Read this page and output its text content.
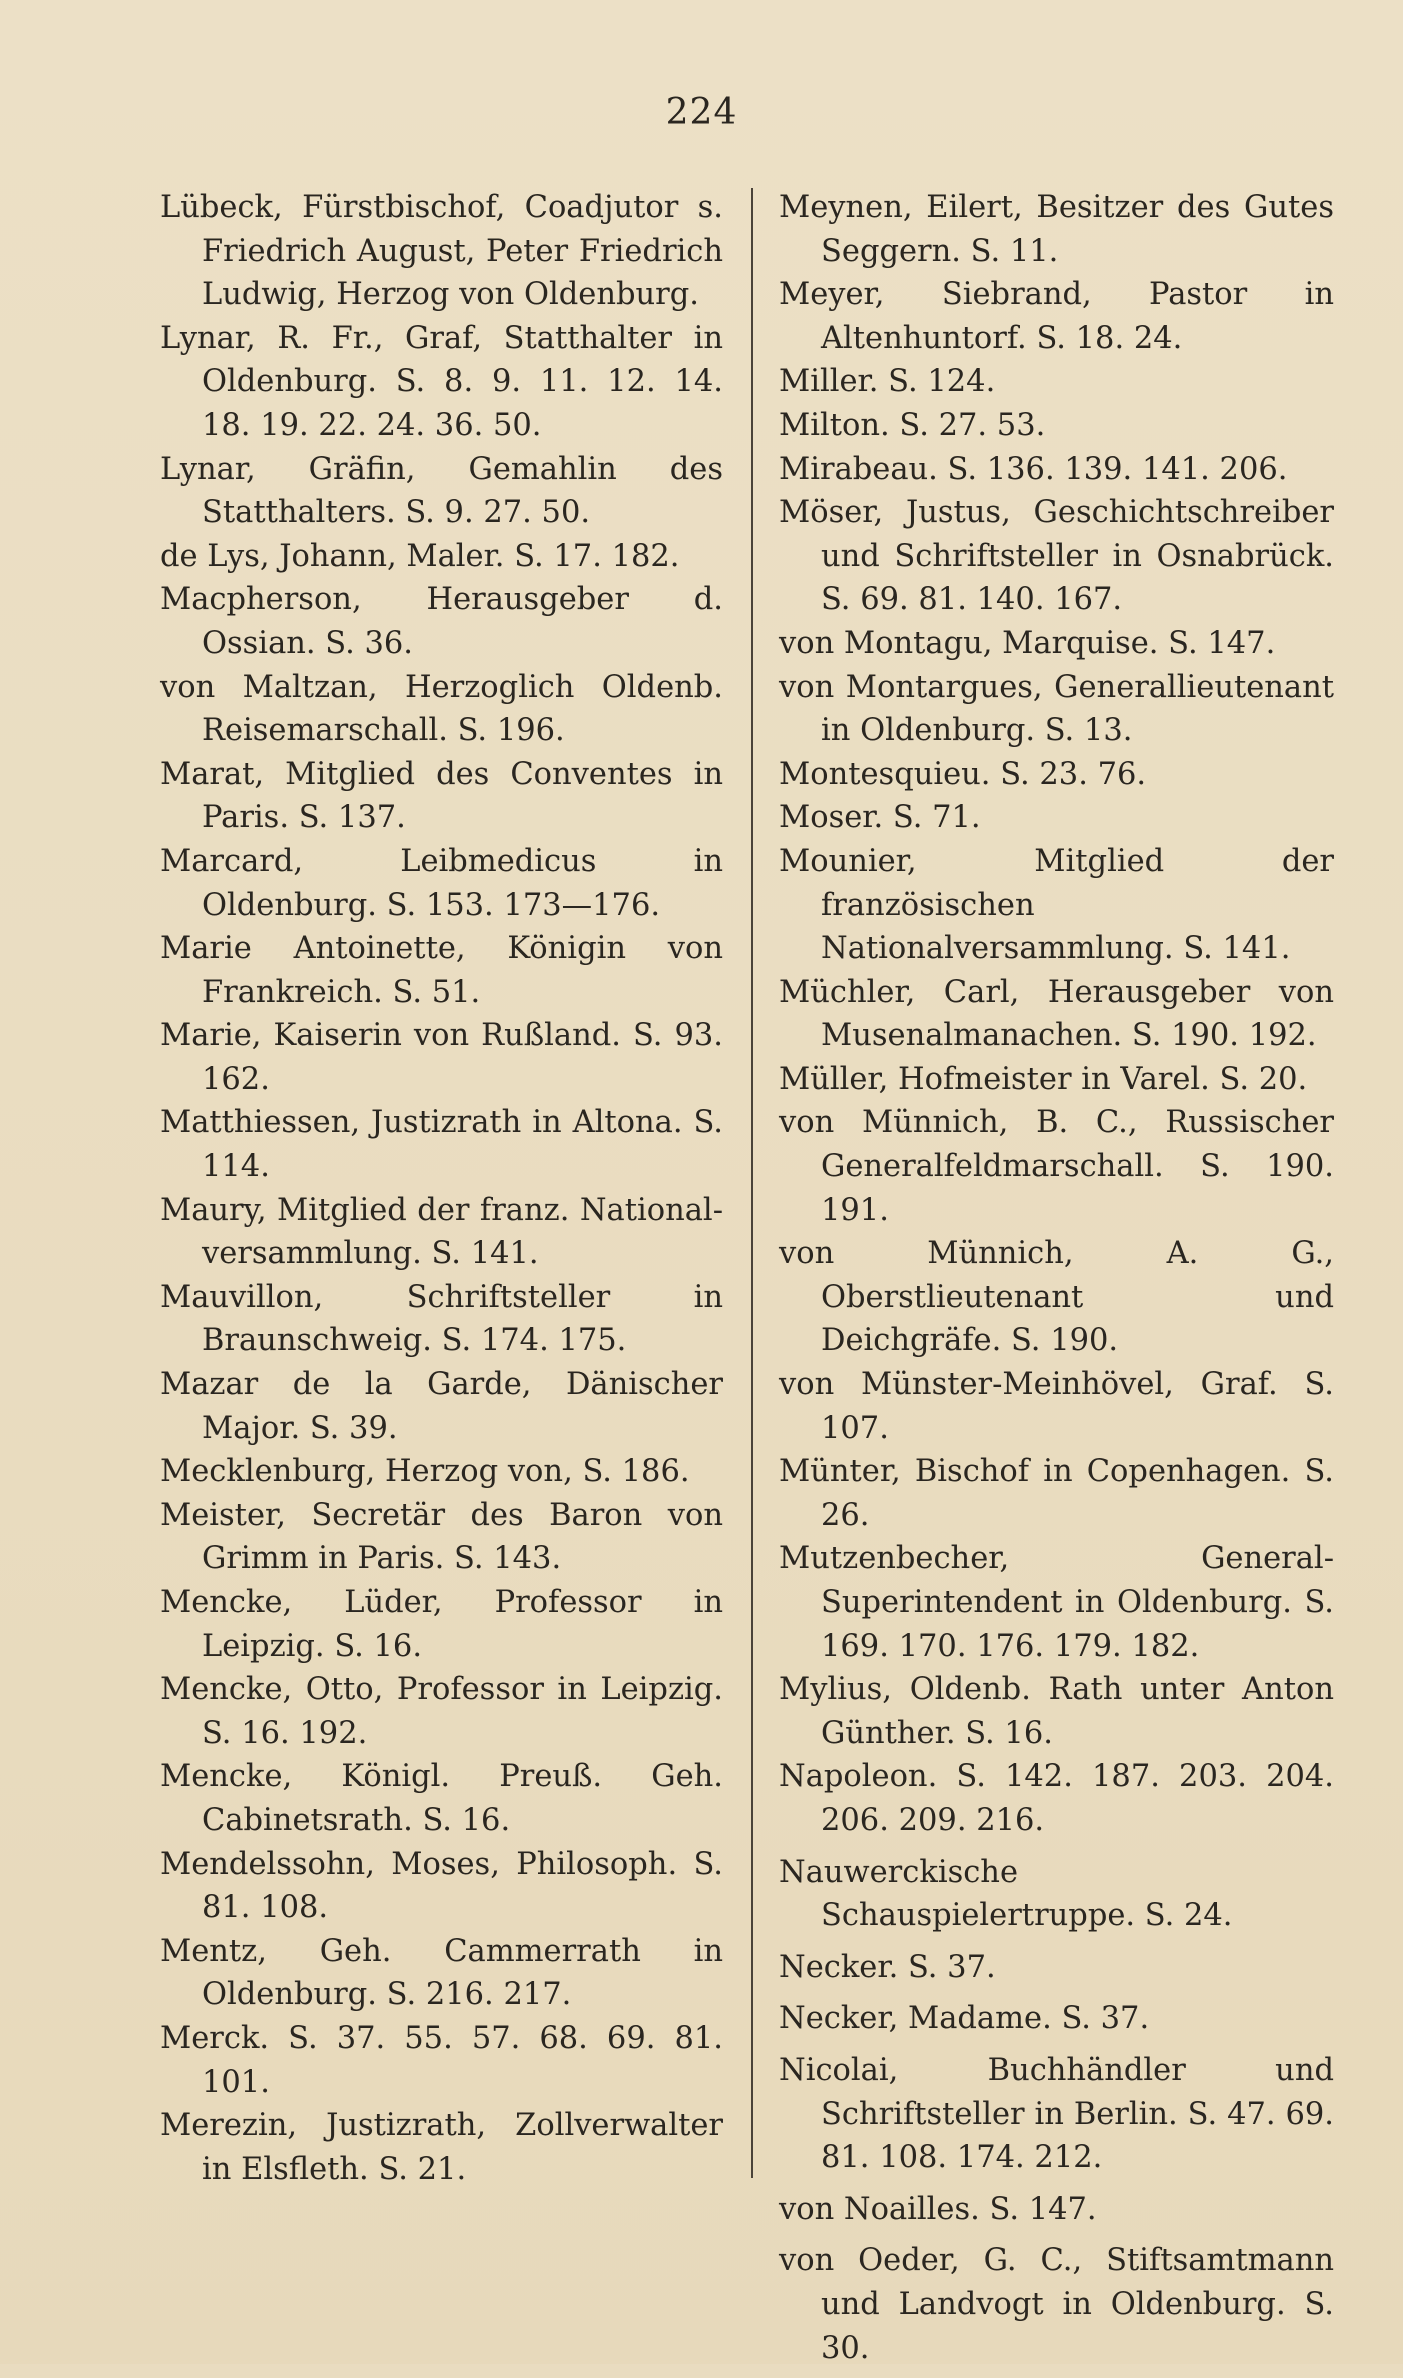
224
Lübeck, Fürstbischof, Coadjutor s. Friedrich August, Peter Friedrich Ludwig, Herzog von Oldenburg.
Lynar, R. Fr., Graf, Statthalter in Oldenburg. S. 8. 9. 11. 12. 14. 18. 19. 22. 24. 36. 50.
Lynar, Gräfin, Gemahlin des Statthalters. S. 9. 27. 50.
de Lys, Johann, Maler. S. 17. 182.
Macpherson, Herausgeber d. Ossian. S. 36.
von Maltzan, Herzoglich Oldenb. Reisemarschall. S. 196.
Marat, Mitglied des Conventes in Paris. S. 137.
Marcard, Leibmedicus in Oldenburg. S. 153. 173—176.
Marie Antoinette, Königin von Frankreich. S. 51.
Marie, Kaiserin von Rußland. S. 93. 162.
Matthiessen, Justizrath in Altona. S. 114.
Maury, Mitglied der franz. National-versammlung. S. 141.
Mauvillon, Schriftsteller in Braunschweig. S. 174. 175.
Mazar de la Garde, Dänischer Major. S. 39.
Mecklenburg, Herzog von, S. 186.
Meister, Secretär des Baron von Grimm in Paris. S. 143.
Mencke, Lüder, Professor in Leipzig. S. 16.
Mencke, Otto, Professor in Leipzig. S. 16. 192.
Mencke, Königl. Preuß. Geh. Cabinetsrath. S. 16.
Mendelssohn, Moses, Philosoph. S. 81. 108.
Mentz, Geh. Cammerrath in Oldenburg. S. 216. 217.
Merck. S. 37. 55. 57. 68. 69. 81. 101.
Merezin, Justizrath, Zollverwalter in Elsfleth. S. 21.
Meynen, Eilert, Besitzer des Gutes Seggern. S. 11.
Meyer, Siebrand, Pastor in Altenhuntorf. S. 18. 24.
Miller. S. 124.
Milton. S. 27. 53.
Mirabeau. S. 136. 139. 141. 206.
Möser, Justus, Geschichtschreiber und Schriftsteller in Osnabrück. S. 69. 81. 140. 167.
von Montagu, Marquise. S. 147.
von Montargues, Generallieutenant in Oldenburg. S. 13.
Montesquieu. S. 23. 76.
Moser. S. 71.
Mounier, Mitglied der französischen Nationalversammlung. S. 141.
Müchler, Carl, Herausgeber von Musenalmanachen. S. 190. 192.
Müller, Hofmeister in Varel. S. 20.
von Münnich, B. C., Russischer Generalfeldmarschall. S. 190. 191.
von Münnich, A. G., Oberstlieutenant und Deichgräfe. S. 190.
von Münster-Meinhövel, Graf. S. 107.
Münter, Bischof in Copenhagen. S. 26.
Mutzenbecher, General-Superintendent in Oldenburg. S. 169. 170. 176. 179. 182.
Mylius, Oldenb. Rath unter Anton Günther. S. 16.
Napoleon. S. 142. 187. 203. 204. 206. 209. 216.
Nauwerckische Schauspielertruppe. S. 24.
Necker. S. 37.
Necker, Madame. S. 37.
Nicolai, Buchhändler und Schriftsteller in Berlin. S. 47. 69. 81. 108. 174. 212.
von Noailles. S. 147.
von Oeder, G. C., Stiftsamtmann und Landvogt in Oldenburg. S. 30.
